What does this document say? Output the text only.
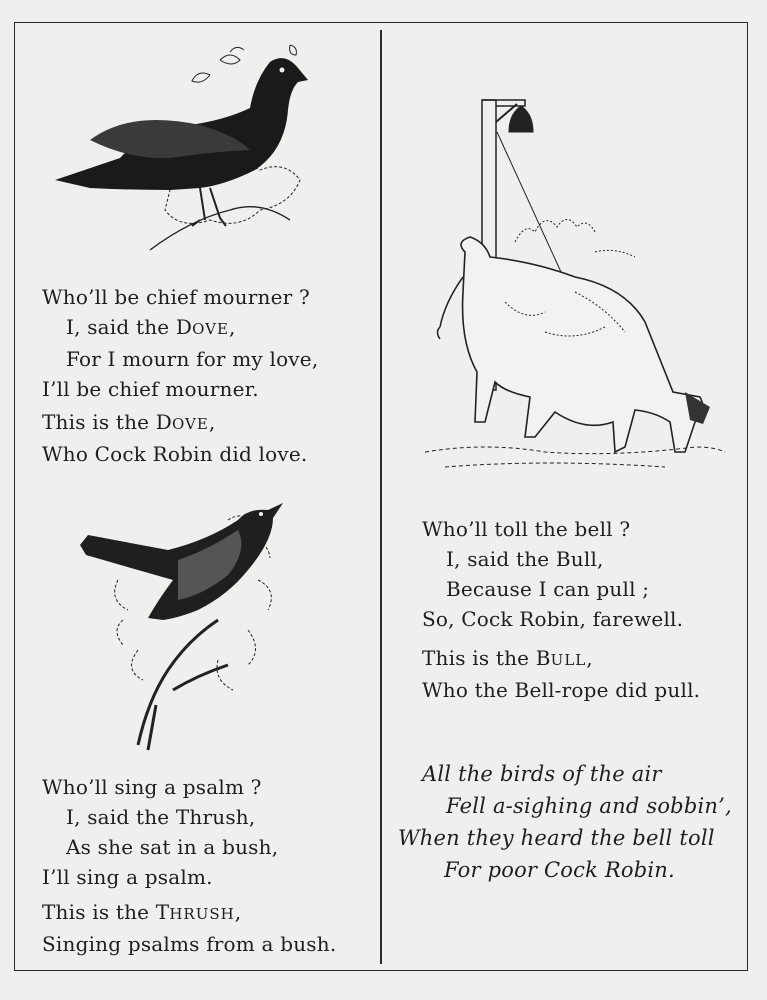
Who’ll be chief mourner ?
I, said the DOVE,
For I mourn for my love,
I’ll be chief mourner.
This is the DOVE,
Who Cock Robin did love.
Who’ll sing a psalm ?
I, said the Thrush,
As she sat in a bush,
I’ll sing a psalm.
This is the THRUSH,
Singing psalms from a bush.
Who’ll toll the bell ?
I, said the Bull,
Because I can pull ;
So, Cock Robin, farewell.
This is the BULL,
Who the Bell-rope did pull.
All the birds of the air
Fell a-sighing and sobbin’,
When they heard the bell toll
For poor Cock Robin.
